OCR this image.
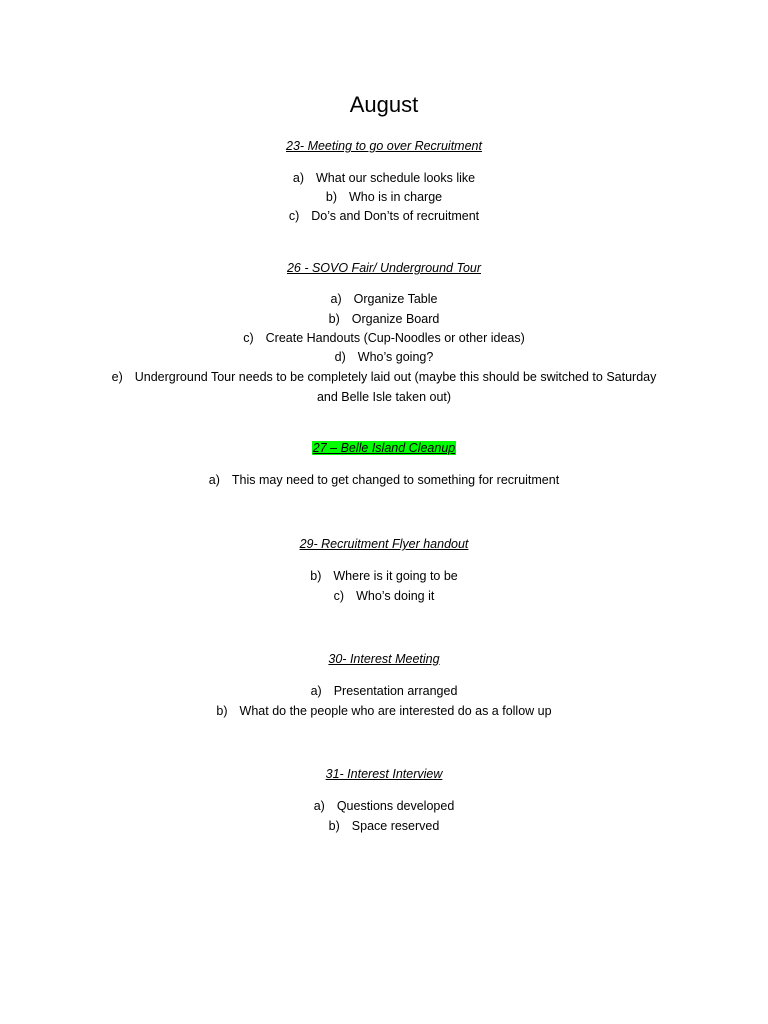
August
23- Meeting to go over Recruitment
a) What our schedule looks like
b) Who is in charge
c) Do’s and Don’ts of recruitment
26 - SOVO Fair/ Underground Tour
a) Organize Table
b) Organize Board
c) Create Handouts (Cup-Noodles or other ideas)
d) Who’s going?
e) Underground Tour needs to be completely laid out (maybe this should be switched to Saturday
and Belle Isle taken out)
27 – Belle Island Cleanup
a) This may need to get changed to something for recruitment
29- Recruitment Flyer handout
b) Where is it going to be
c) Who’s doing it
30- Interest Meeting
a) Presentation arranged
b) What do the people who are interested do as a follow up
31- Interest Interview
a) Questions developed
b) Space reserved
